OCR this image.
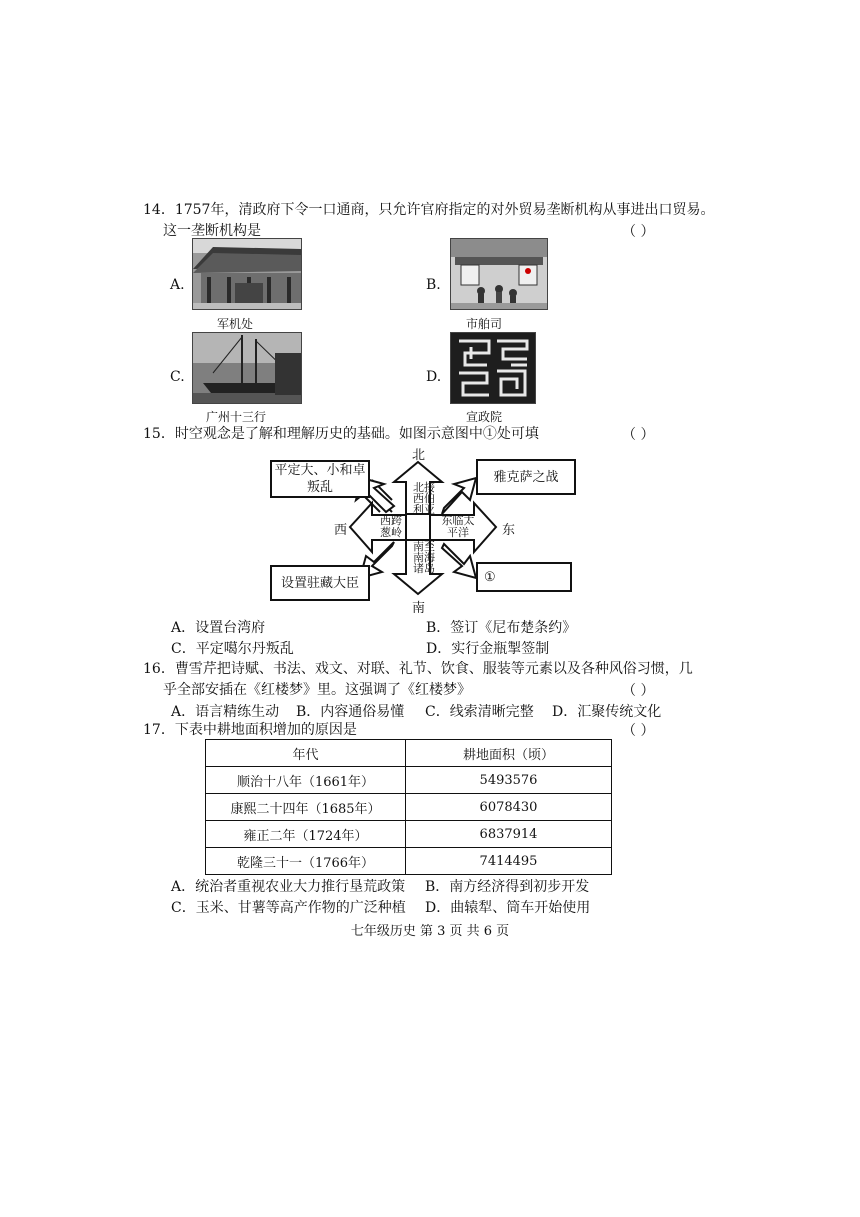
14．1757年，清政府下令一口通商，只允许官府指定的对外贸易垄断机构从事进出口贸易。
这一垄断机构是	（ ）
A.
军机处
B.
市舶司
C.
广州十三行
D.
宣政院
15．时空观念是了解和理解历史的基础。如图示意图中①处可填	（ ）
北
南
西	东
平定大、小和卓叛乱
雅克萨之战
设置驻藏大臣	①
北接西伯利亚
西跨葱岭
东临太平洋
南至南海诸岛
A．设置台湾府	B．签订《尼布楚条约》
C．平定噶尔丹叛乱	D．实行金瓶掣签制
16．曹雪芹把诗赋、书法、戏文、对联、礼节、饮食、服装等元素以及各种风俗习惯，几
乎全部安插在《红楼梦》里。这强调了《红楼梦》	（ ）
A．语言精练生动 B．内容通俗易懂 C．线索清晰完整 D．汇聚传统文化
17．下表中耕地面积增加的原因是	（ ）
年代	耕地面积（顷）
顺治十八年（1661年）	5493576
康熙二十四年（1685年）	6078430
雍正二年（1724年）	6837914
乾隆三十一（1766年）	7414495
A．统治者重视农业大力推行垦荒政策 B．南方经济得到初步开发
C．玉米、甘薯等高产作物的广泛种植 D．曲辕犁、筒车开始使用
七年级历史 第 3 页 共 6 页
